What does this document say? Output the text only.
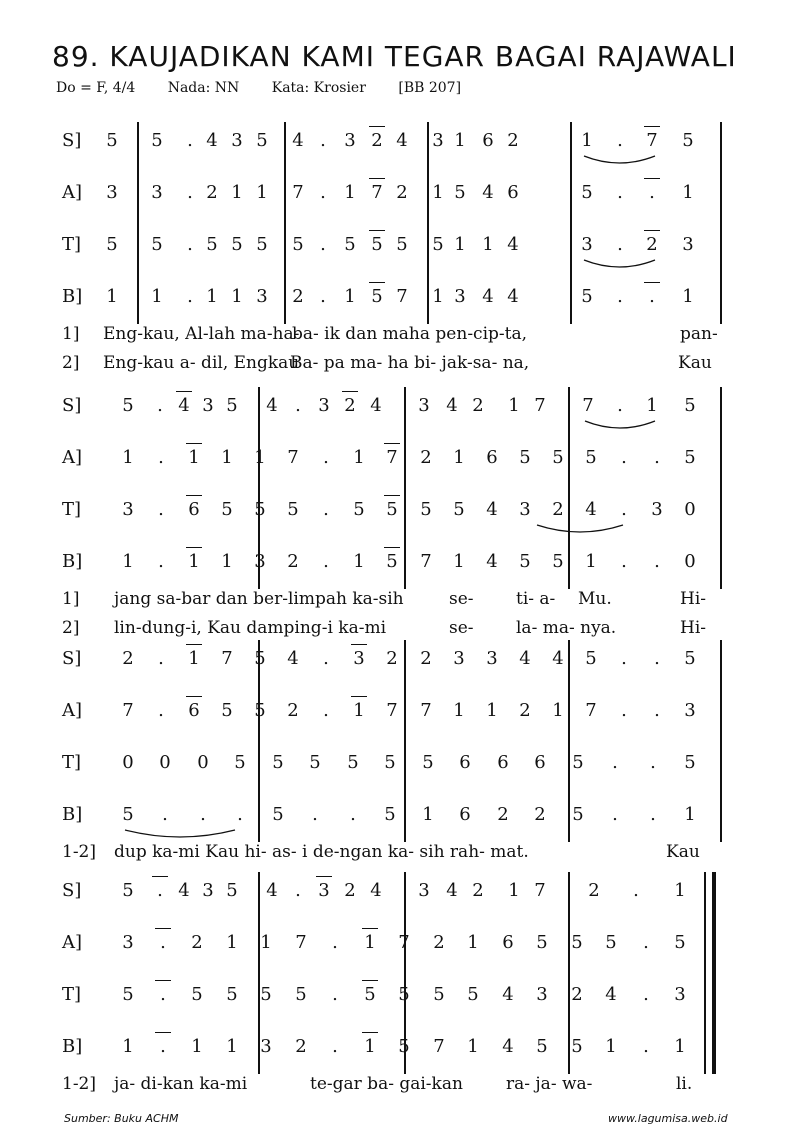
89. KAUJADIKAN KAMI TEGAR BAGAI RAJAWALI
Do = F, 4/4 Nada: NN Kata: Krosier [BB 207]
S]	5	5	. 4 3 5	4 .	3 2 4	3 1 6 2	1	.	7	5
A]	3	3	. 2 1 1	7 .	1 7 2	1 5 4 6	5	.	.	1
T]	5	5	. 5 5 5	5 .	5 5 5	5 1 1 4	3	.	2	3
B]	1	1	. 1 1 3	2 .	1 5 7	1 3 4 4	5	.	.	1
1] Eng-kau, Al-lah ma-ha-
ba- ik dan maha pen-cip-ta,	pan-
2] Eng-kau a- dil, Engkau
Ba- pa ma- ha bi- jak-sa- na,	Kau
S]	5	. 4 3 5	4 . 3 2 4	3 4 2	1 7	7	.	1	5
A]	1	.	1	1	1	7	.	1	7	2	1	6	5	5	5	.	.	5
T]	3	.	6	5	5	5	.	5	5	5	5	4	3	2	4	.	3	0
B]	1	.	1	1	3	2	.	1	5	7	1	4	5	5	1	.	.	0
1] jang sa-bar dan ber-limpah ka-sih	se- ti- a- Mu.	Hi-
2] lin-dung-i, Kau damping-i ka-mi	se- la- ma- nya.	Hi-
S]	2	.	1	7	5	4	.	3	2	2	3	3	4	4	5	.	.	5
A]	7	.	6	5	5	2	.	1	7	7	1	1	2	1	7	.	.	3
T]	0	0	0	5	5	5	5	5	5	6	6	6	5	.	.	5
B]	5	.	.	.	5	.	.	5	1	6	2	2	5	.	.	1
1-2] dup ka-mi Kau hi- as- i de-ngan ka- sih rah- mat.	Kau
S]	5	. 4 3 5	4 . 3 2 4	3 4 2	1 7	2	.	1
A]	3	.	2	1	1	7	.	1	7	2	1	6	5	5	5	.	5
T]	5	.	5	5	5	5	.	5	5	5	5	4	3	2	4	.	3
B]	1	.	1	1	3	2	.	1	5	7	1	4	5	5	1	.	1
1-2] ja- di-kan ka-mi	te-gar ba- gai-kan	ra- ja- wa-	li.
Sumber: Buku ACHM	www.lagumisa.web.id
